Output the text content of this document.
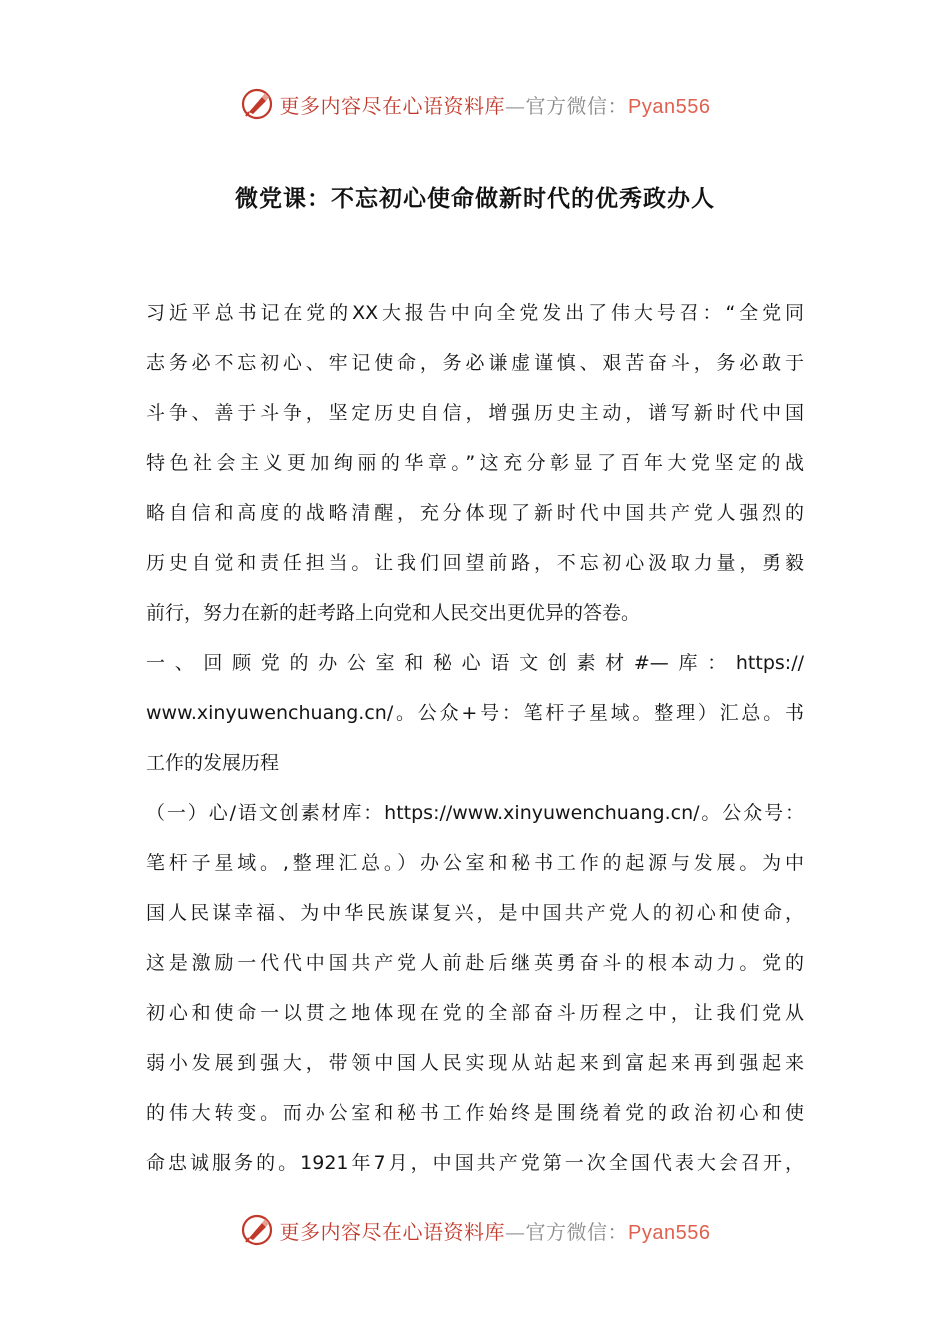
更多内容尽在心语资料库—官方微信：Pyan556
微党课：不忘初心使命做新时代的优秀政办人
习近平总书记在党的XX大报告中向全党发出了伟大号召：“全党同
志务必不忘初心、牢记使命，务必谦虚谨慎、艰苦奋斗，务必敢于
斗争、善于斗争，坚定历史自信，增强历史主动，谱写新时代中国
特色社会主义更加绚丽的华章。”这充分彰显了百年大党坚定的战
略自信和高度的战略清醒，充分体现了新时代中国共产党人强烈的
历史自觉和责任担当。让我们回望前路，不忘初心汲取力量，勇毅
前行，努力在新的赶考路上向党和人民交出更优异的答卷。
一、回顾党的办公室和秘心语文创素材#—库：https://
www.xinyuwenchuang.cn/。公众+号：笔杆子星域。整理）汇总。书
工作的发展历程
（一）心/语文创素材库：https://www.xinyuwenchuang.cn/。公众号：
笔杆子星域。,整理汇总。）办公室和秘书工作的起源与发展。为中
国人民谋幸福、为中华民族谋复兴，是中国共产党人的初心和使命，
这是激励一代代中国共产党人前赴后继英勇奋斗的根本动力。党的
初心和使命一以贯之地体现在党的全部奋斗历程之中，让我们党从
弱小发展到强大，带领中国人民实现从站起来到富起来再到强起来
的伟大转变。而办公室和秘书工作始终是围绕着党的政治初心和使
命忠诚服务的。1921年7月，中国共产党第一次全国代表大会召开，
更多内容尽在心语资料库—官方微信：Pyan556
